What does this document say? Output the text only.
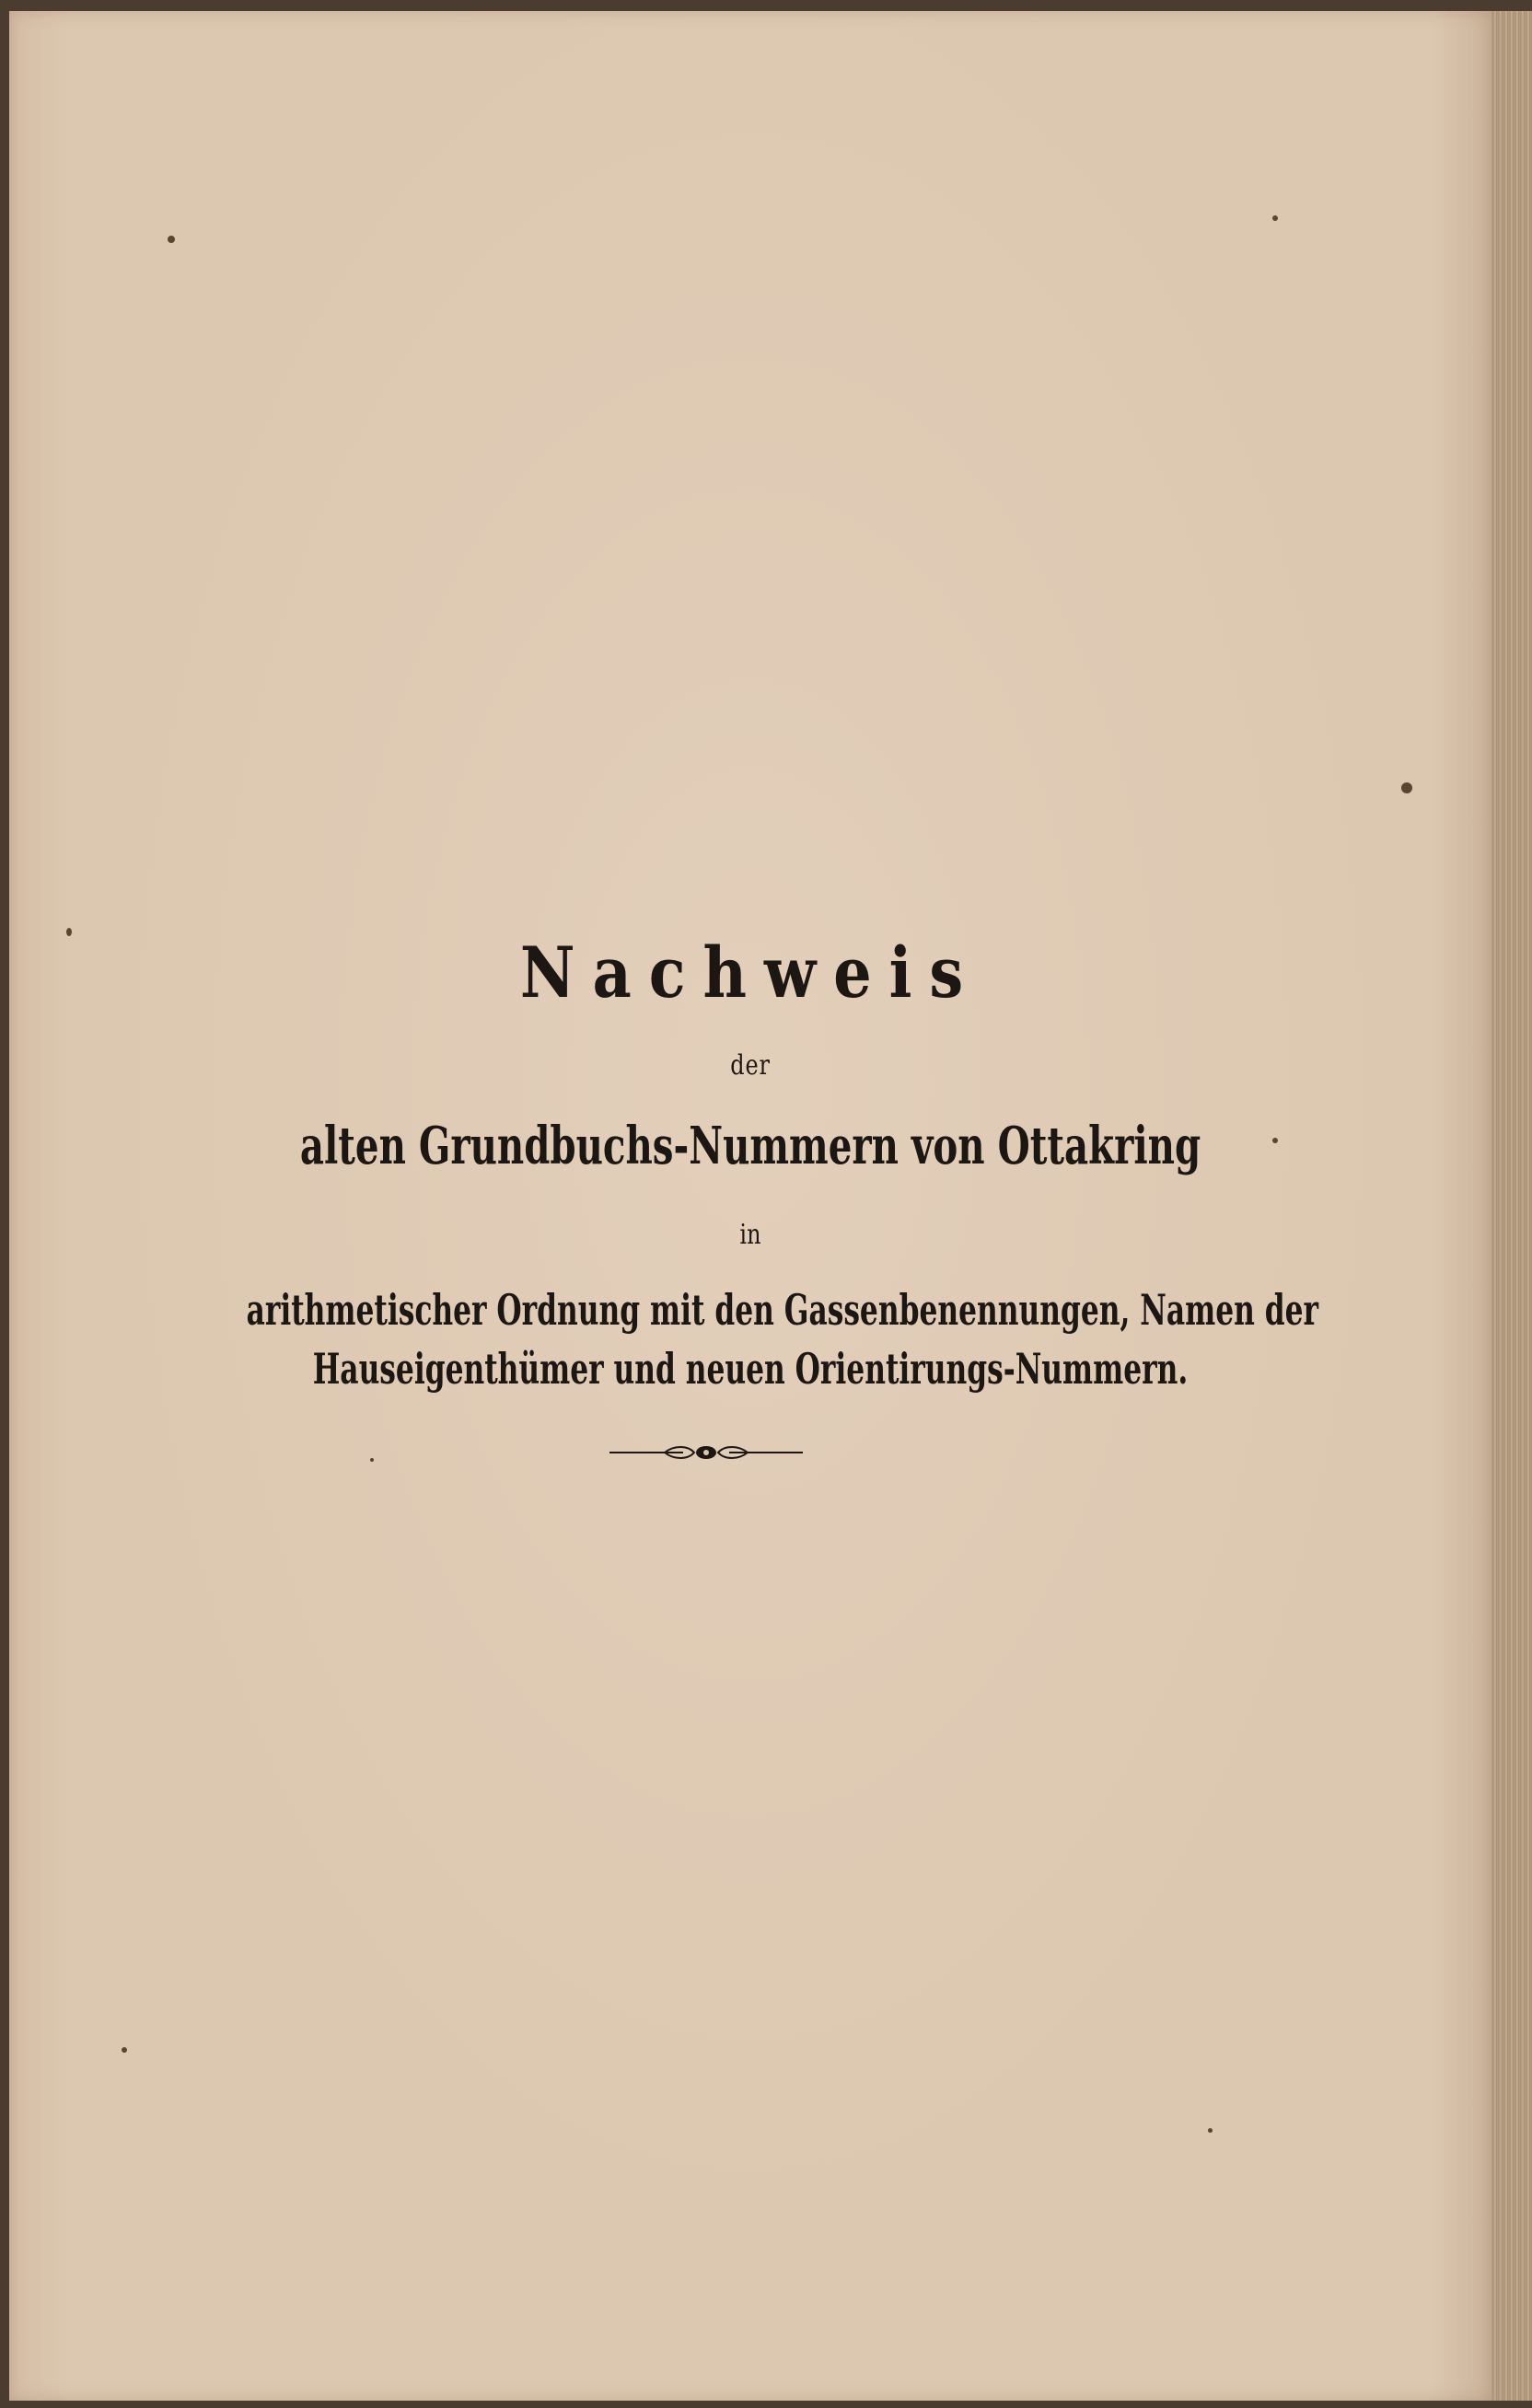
Nachweis
der
alten Grundbuchs-Nummern von Ottakring
in
arithmetischer Ordnung mit den Gassenbenennungen, Namen der
Hauseigenthümer und neuen Orientirungs-Nummern.
